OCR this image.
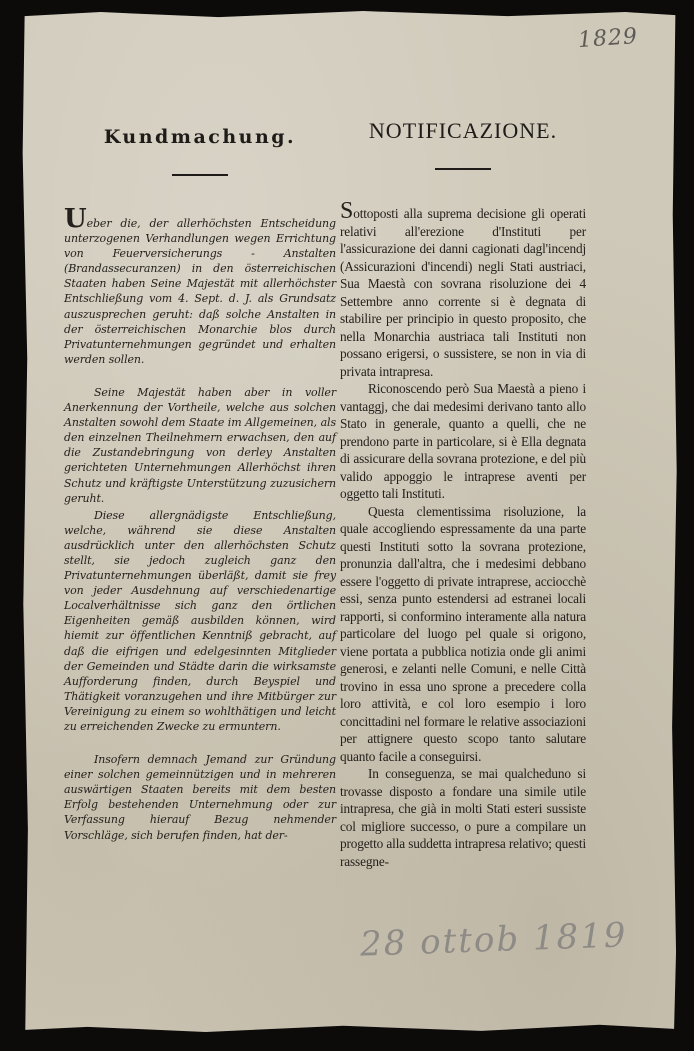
1829
Kundmachung.

Ueber die, der allerhöchsten Entscheidung unterzogenen Verhandlungen wegen Errichtung von Feuerversicherungs - Anstalten (Brandassecuranzen) in den österreichischen Staaten haben Seine Majestät mit allerhöchster Entschließung vom 4. Sept. d. J. als Grundsatz auszusprechen geruht: daß solche Anstalten in der österreichischen Monarchie blos durch Privatunternehmungen gegründet und erhalten werden sollen.

Seine Majestät haben aber in voller Anerkennung der Vortheile, welche aus solchen Anstalten sowohl dem Staate im Allgemeinen, als den einzelnen Theilnehmern erwachsen, den auf die Zustandebringung von derley Anstalten gerichteten Unternehmungen Allerhöchst ihren Schutz und kräftigste Unterstützung zuzusichern geruht.

Diese allergnädigste Entschließung, welche, während sie diese Anstalten ausdrücklich unter den allerhöchsten Schutz stellt, sie jedoch zugleich ganz den Privatunternehmungen überläßt, damit sie frey von jeder Ausdehnung auf verschiedenartige Localverhältnisse sich ganz den örtlichen Eigenheiten gemäß ausbilden können, wird hiemit zur öffentlichen Kenntniß gebracht, auf daß die eifrigen und edelgesinnten Mitglieder der Gemeinden und Städte darin die wirksamste Aufforderung finden, durch Beyspiel und Thätigkeit voranzugehen und ihre Mitbürger zur Vereinigung zu einem so wohlthätigen und leicht zu erreichenden Zwecke zu ermuntern.

Insofern demnach Jemand zur Gründung einer solchen gemeinnützigen und in mehreren auswärtigen Staaten bereits mit dem besten Erfolg bestehenden Unternehmung oder zur Verfassung hierauf Bezug nehmender Vorschläge, sich berufen finden, hat der-

NOTIFICAZIONE.

Sottoposti alla suprema decisione gli operati relativi all'erezione d'Instituti per l'assicurazione dei danni cagionati dagl'incendj (Assicurazioni d'incendi) negli Stati austriaci, Sua Maestà con sovrana risoluzione dei 4 Settembre anno corrente si è degnata di stabilire per principio in questo proposito, che nella Monarchia austriaca tali Instituti non possano erigersi, o sussistere, se non in via di privata intrapresa.

Riconoscendo però Sua Maestà a pieno i vantaggj, che dai medesimi derivano tanto allo Stato in generale, quanto a quelli, che ne prendono parte in particolare, si è Ella degnata di assicurare della sovrana protezione, e del più valido appoggio le intraprese aventi per oggetto tali Instituti.

Questa clementissima risoluzione, la quale accogliendo espressamente da una parte questi Instituti sotto la sovrana protezione, pronunzia dall'altra, che i medesimi debbano essere l'oggetto di private intraprese, acciocchè essi, senza punto estendersi ad estranei locali rapporti, si conformino interamente alla natura particolare del luogo pel quale si origono, viene portata a pubblica notizia onde gli animi generosi, e zelanti nelle Comuni, e nelle Città trovino in essa uno sprone a precedere colla loro attività, e col loro esempio i loro concittadini nel formare le relative associazioni per attignere questo scopo tanto salutare quanto facile a conseguirsi.

In conseguenza, se mai qualcheduno si trovasse disposto a fondare una simile utile intrapresa, che già in molti Stati esteri sussiste col migliore successo, o pure a compilare un progetto alla suddetta intrapresa relativo; questi rassegne-

28 ottob 1819
